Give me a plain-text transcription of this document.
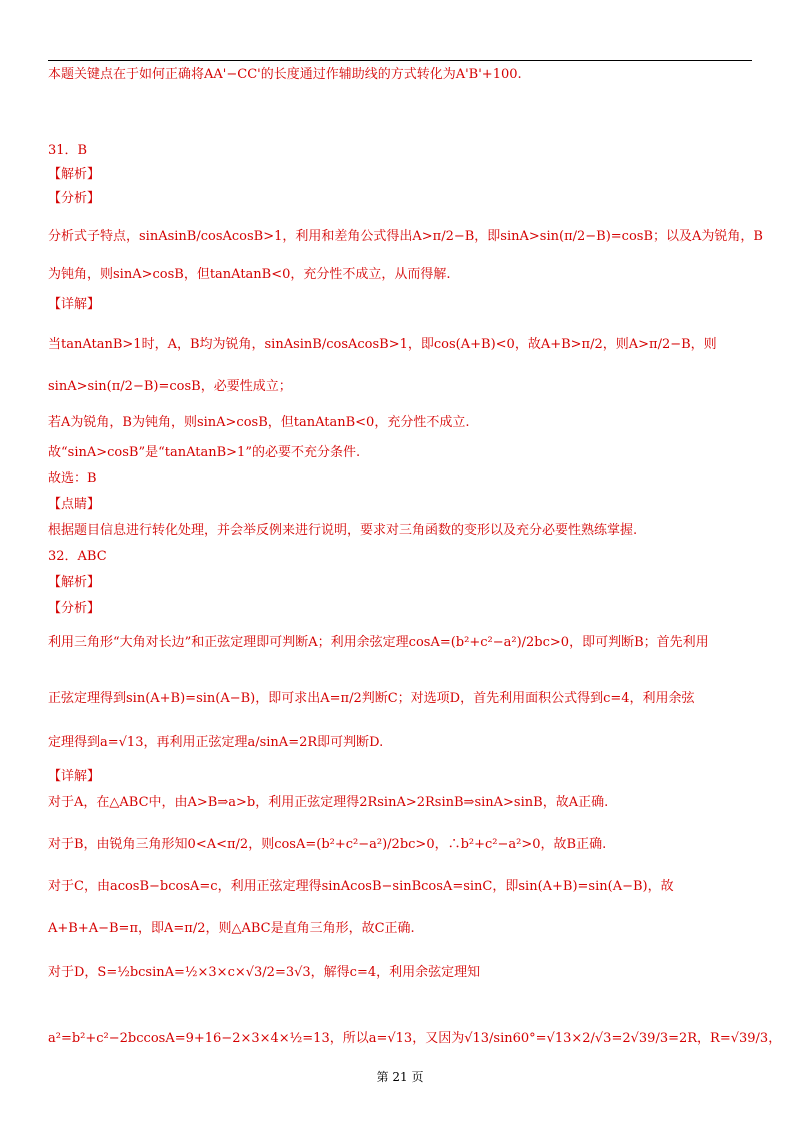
本题关键点在于如何正确将AA'−CC'的长度通过作辅助线的方式转化为A'B'+100.
31．B
【解析】
【分析】
分析式子特点，sinAsinB/cosAcosB>1，利用和差角公式得出A>π/2−B，即sinA>sin(π/2−B)=cosB；以及A为锐角，B
为钝角，则sinA>cosB，但tanAtanB<0，充分性不成立，从而得解.
【详解】
当tanAtanB>1时，A，B均为锐角，sinAsinB/cosAcosB>1，即cos(A+B)<0，故A+B>π/2，则A>π/2−B，则
sinA>sin(π/2−B)=cosB，必要性成立；
若A为锐角，B为钝角，则sinA>cosB，但tanAtanB<0，充分性不成立.
故“sinA>cosB”是“tanAtanB>1”的必要不充分条件.
故选：B
【点睛】
根据题目信息进行转化处理，并会举反例来进行说明，要求对三角函数的变形以及充分必要性熟练掌握.
32．ABC
【解析】
【分析】
利用三角形“大角对长边”和正弦定理即可判断A；利用余弦定理cosA=(b²+c²−a²)/2bc>0，即可判断B；首先利用
正弦定理得到sin(A+B)=sin(A−B)，即可求出A=π/2判断C；对选项D，首先利用面积公式得到c=4，利用余弦
定理得到a=√13，再利用正弦定理a/sinA=2R即可判断D.
【详解】
对于A，在△ABC中，由A>B⇒a>b，利用正弦定理得2RsinA>2RsinB⇒sinA>sinB，故A正确.
对于B，由锐角三角形知0<A<π/2，则cosA=(b²+c²−a²)/2bc>0，∴b²+c²−a²>0，故B正确.
对于C，由acosB−bcosA=c，利用正弦定理得sinAcosB−sinBcosA=sinC，即sin(A+B)=sin(A−B)，故
A+B+A−B=π，即A=π/2，则△ABC是直角三角形，故C正确.
对于D，S=½bcsinA=½×3×c×√3/2=3√3，解得c=4，利用余弦定理知
a²=b²+c²−2bccosA=9+16−2×3×4×½=13，所以a=√13，又因为√13/sin60°=√13×2/√3=2√39/3=2R，R=√39/3，
第 21 页
